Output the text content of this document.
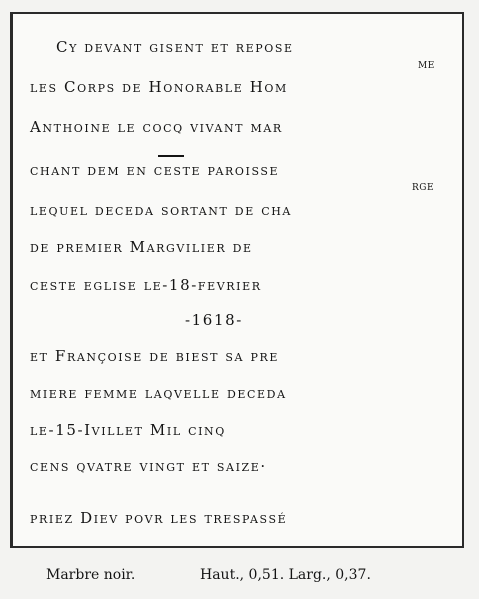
Cy devant gisent et repose
ME
les Corps de Honorable Hom
Anthoine le cocq vivant mar
chant dem en ceste paroisse
RGE
lequel deceda sortant de cha
de premier Margvilier de
ceste eglise le-18-fevrier
-1618-
et Françoise de biest sa pre
miere femme laqvelle deceda
le-15-Ivillet Mil cinq
cens qvatre vingt et saize·
priez Diev povr les trespassé
Marbre noir.	Haut., 0,51. Larg., 0,37.
